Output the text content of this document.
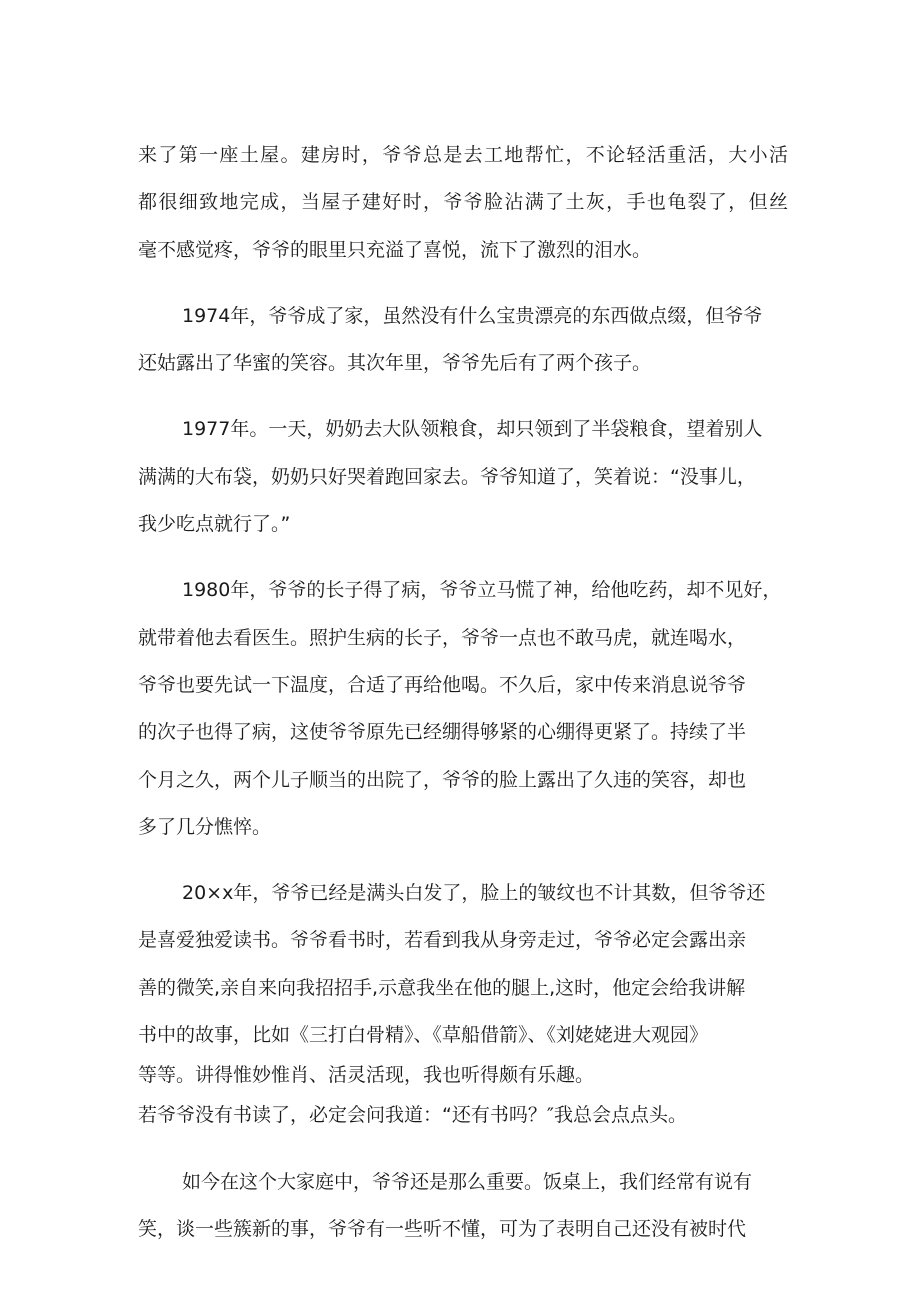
来了第一座土屋。建房时，爷爷总是去工地帮忙，不论轻活重活，大小活
都很细致地完成，当屋子建好时，爷爷脸沾满了土灰，手也龟裂了，但丝
毫不感觉疼，爷爷的眼里只充溢了喜悦，流下了激烈的泪水。
1974年，爷爷成了家，虽然没有什么宝贵漂亮的东西做点缀，但爷爷
还姑露出了华蜜的笑容。其次年里，爷爷先后有了两个孩子。
1977年。一天，奶奶去大队领粮食，却只领到了半袋粮食，望着别人
满满的大布袋，奶奶只好哭着跑回家去。爷爷知道了，笑着说：“没事儿，
我少吃点就行了。”
1980年，爷爷的长子得了病，爷爷立马慌了神，给他吃药，却不见好，
就带着他去看医生。照护生病的长子，爷爷一点也不敢马虎，就连喝水，
爷爷也要先试一下温度，合适了再给他喝。不久后，家中传来消息说爷爷
的次子也得了病，这使爷爷原先已经绷得够紧的心绷得更紧了。持续了半
个月之久，两个儿子顺当的出院了，爷爷的脸上露出了久违的笑容，却也
多了几分憔悴。
20×x年，爷爷已经是满头白发了，脸上的皱纹也不计其数，但爷爷还
是喜爱独爱读书。爷爷看书时，若看到我从身旁走过，爷爷必定会露出亲
善的微笑,亲自来向我招招手,示意我坐在他的腿上,这时，他定会给我讲解
书中的故事，比如《三打白骨精》、《草船借箭》、《刘姥姥进大观园》
等等。讲得惟妙惟肖、活灵活现，我也听得颇有乐趣。
若爷爷没有书读了，必定会问我道：“还有书吗？″我总会点点头。
如今在这个大家庭中，爷爷还是那么重要。饭桌上，我们经常有说有
笑，谈一些簇新的事，爷爷有一些听不懂，可为了表明自己还没有被时代
